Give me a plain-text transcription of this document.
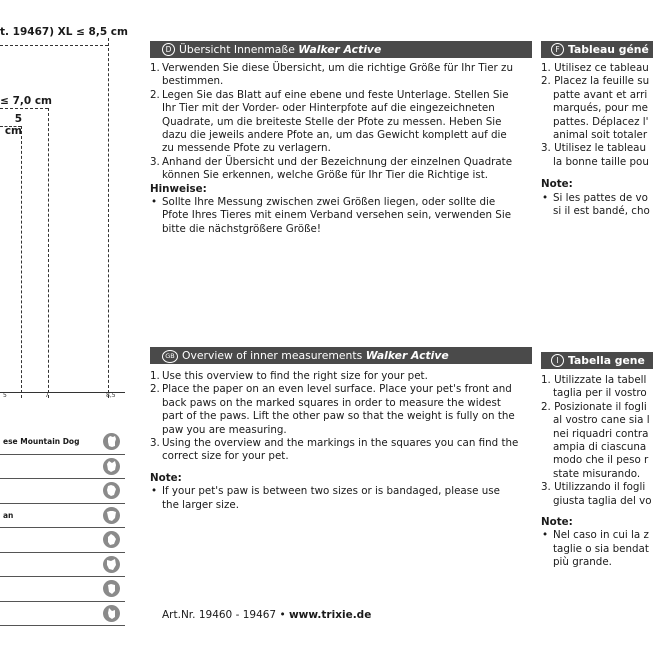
t. 19467) XL ≤ 8,5 cm
≤ 7,0 cm
5 cm
5	7	8,5
ese Mountain Dog
an
D Übersicht Innenmaße Walker Active
1. Verwenden Sie diese Übersicht, um die richtige Größe für Ihr Tier zu bestimmen.
2. Legen Sie das Blatt auf eine ebene und feste Unterlage. Stellen Sie Ihr Tier mit der Vorder- oder Hinterpfote auf die eingezeichneten Quadrate, um die breiteste Stelle der Pfote zu messen. Heben Sie dazu die jeweils andere Pfote an, um das Gewicht komplett auf die zu messende Pfote zu verlagern.
3. Anhand der Übersicht und der Bezeichnung der einzelnen Quadrate können Sie erkennen, welche Größe für Ihr Tier die Richtige ist.

Hinweise:

• Sollte Ihre Messung zwischen zwei Größen liegen, oder sollte die Pfote Ihres Tieres mit einem Verband versehen sein, verwenden Sie bitte die nächstgrößere Größe!
GB Overview of inner measurements Walker Active
1. Use this overview to find the right size for your pet.
2. Place the paper on an even level surface. Place your pet's front and back paws on the marked squares in order to measure the widest part of the paws. Lift the other paw so that the weight is fully on the paw you are measuring.
3. Using the overview and the markings in the squares you can find the correct size for your pet.

Note:

• If your pet's paw is between two sizes or is bandaged, please use the larger size.
Art.Nr. 19460 - 19467 • www.trixie.de
F Tableau géné

1. Utilisez ce tableau

2. Placez la feuille su

patte avant et arri

marqués, pour me

pattes. Déplacez l'

animal soit totaler

3. Utilisez le tableau

la bonne taille pou

Note:

• Si les pattes de vo

si il est bandé, cho

I Tabella gene

1. Utilizzate la tabell

taglia per il vostro

2. Posizionate il fogli

al vostro cane sia l

nei riquadri contra

ampia di ciascuna

modo che il peso r

state misurando.

3. Utilizzando il fogli

giusta taglia del vo

Note:

• Nel caso in cui la z

taglie o sia bendat

più grande.
